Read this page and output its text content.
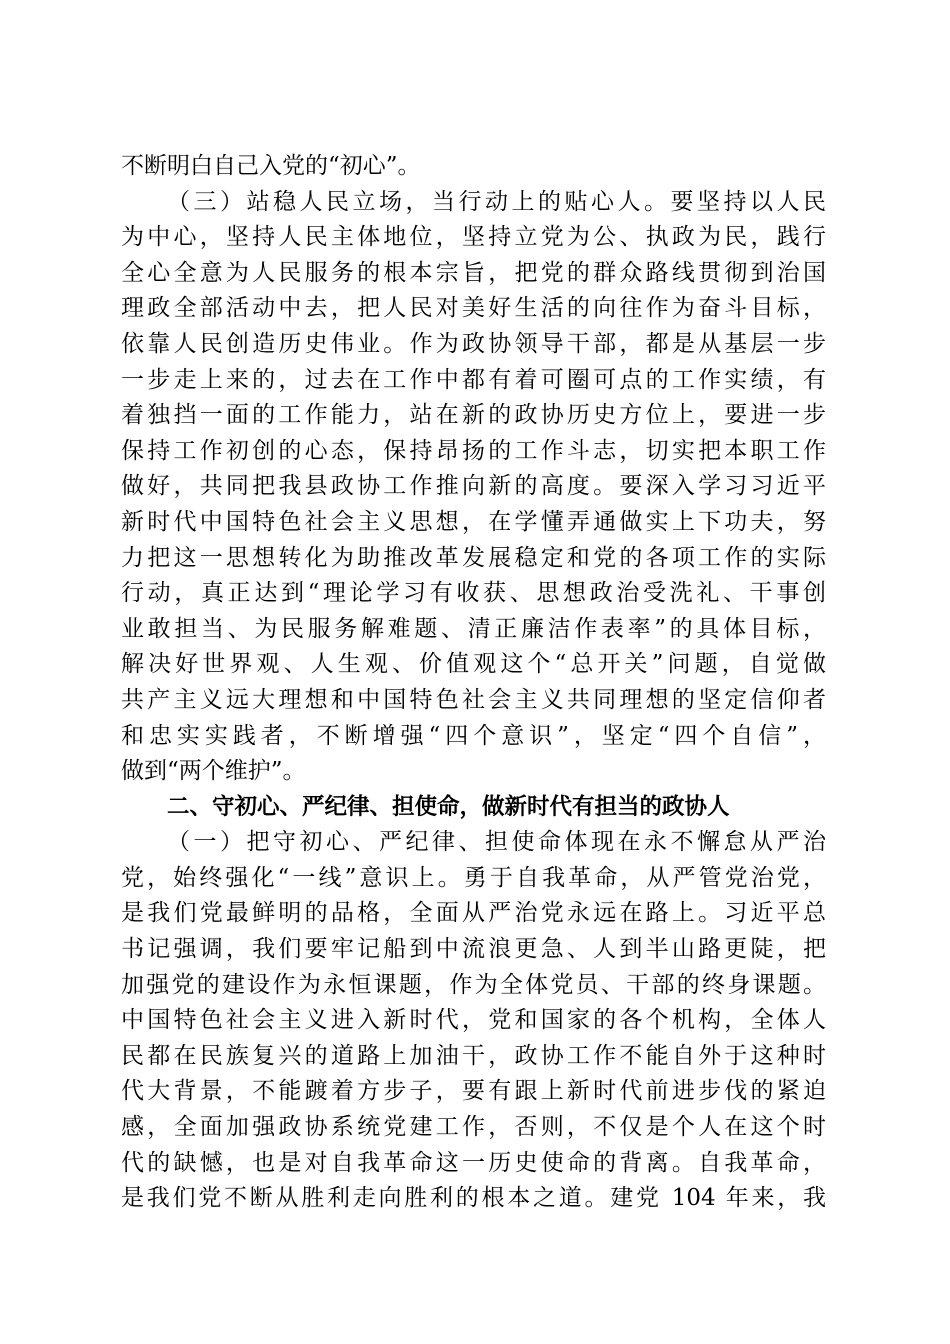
不断明白自己入党的“初心”。
（三）站稳人民立场，当行动上的贴心人。要坚持以人民
为中心，坚持人民主体地位，坚持立党为公、执政为民，践行
全心全意为人民服务的根本宗旨，把党的群众路线贯彻到治国
理政全部活动中去，把人民对美好生活的向往作为奋斗目标，
依靠人民创造历史伟业。作为政协领导干部，都是从基层一步
一步走上来的，过去在工作中都有着可圈可点的工作实绩，有
着独挡一面的工作能力，站在新的政协历史方位上，要进一步
保持工作初创的心态，保持昂扬的工作斗志，切实把本职工作
做好，共同把我县政协工作推向新的高度。要深入学习习近平
新时代中国特色社会主义思想，在学懂弄通做实上下功夫，努
力把这一思想转化为助推改革发展稳定和党的各项工作的实际
行动，真正达到“理论学习有收获、思想政治受洗礼、干事创
业敢担当、为民服务解难题、清正廉洁作表率”的具体目标，
解决好世界观、人生观、价值观这个“总开关”问题，自觉做
共产主义远大理想和中国特色社会主义共同理想的坚定信仰者
和忠实实践者，不断增强“四个意识”，坚定“四个自信”，
做到“两个维护”。
二、守初心、严纪律、担使命，做新时代有担当的政协人
（一）把守初心、严纪律、担使命体现在永不懈怠从严治
党，始终强化“一线”意识上。勇于自我革命，从严管党治党，
是我们党最鲜明的品格，全面从严治党永远在路上。习近平总
书记强调，我们要牢记船到中流浪更急、人到半山路更陡，把
加强党的建设作为永恒课题，作为全体党员、干部的终身课题。
中国特色社会主义进入新时代，党和国家的各个机构，全体人
民都在民族复兴的道路上加油干，政协工作不能自外于这种时
代大背景，不能踱着方步子，要有跟上新时代前进步伐的紧迫
感，全面加强政协系统党建工作，否则，不仅是个人在这个时
代的缺憾，也是对自我革命这一历史使命的背离。自我革命，
是我们党不断从胜利走向胜利的根本之道。建党 104 年来，我
